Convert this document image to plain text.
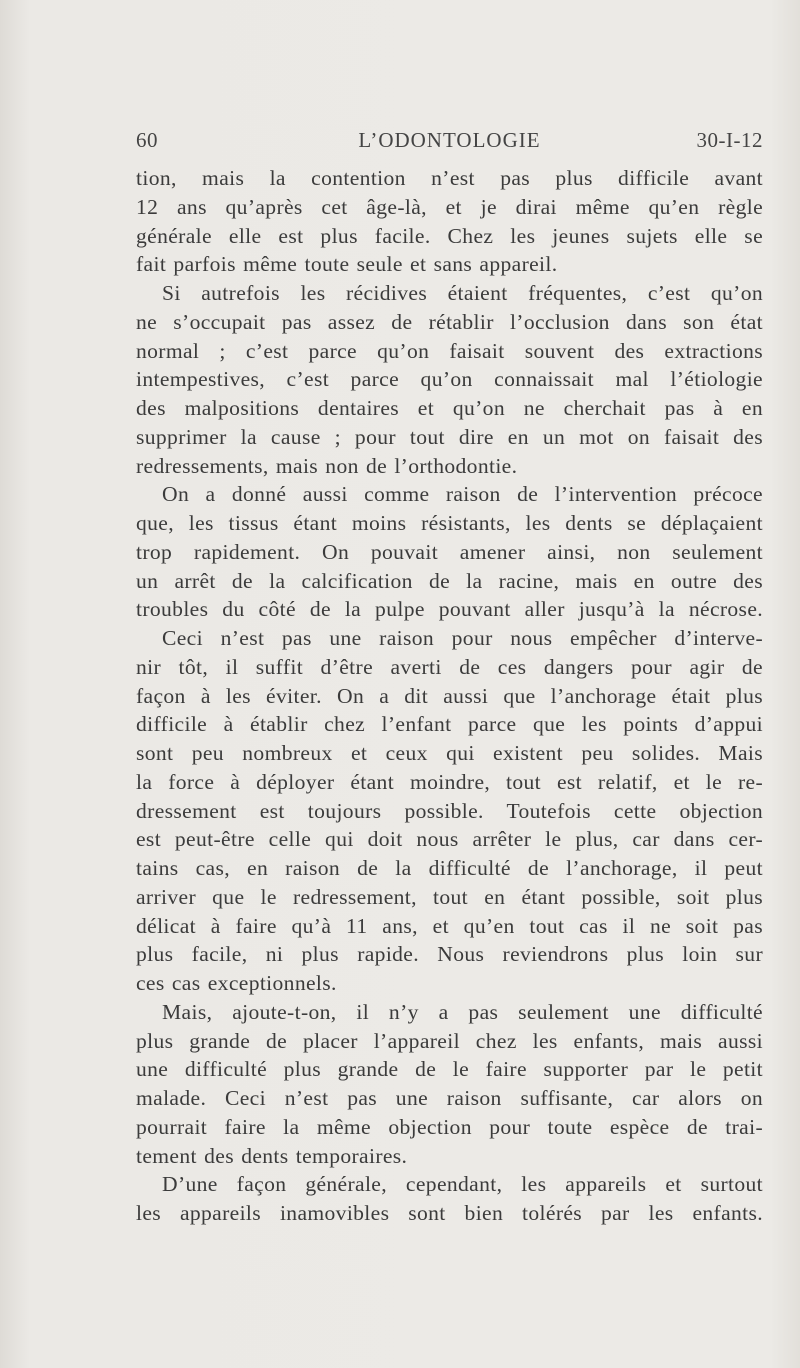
60	L’ODONTOLOGIE	30-I-12
tion, mais la contention n’est pas plus difficile avant
12 ans qu’après cet âge-là, et je dirai même qu’en règle
générale elle est plus facile. Chez les jeunes sujets elle se
fait parfois même toute seule et sans appareil.
Si autrefois les récidives étaient fréquentes, c’est qu’on
ne s’occupait pas assez de rétablir l’occlusion dans son état
normal ; c’est parce qu’on faisait souvent des extractions
intempestives, c’est parce qu’on connaissait mal l’étiologie
des malpositions dentaires et qu’on ne cherchait pas à en
supprimer la cause ; pour tout dire en un mot on faisait des
redressements, mais non de l’orthodontie.
On a donné aussi comme raison de l’intervention précoce
que, les tissus étant moins résistants, les dents se déplaçaient
trop rapidement. On pouvait amener ainsi, non seulement
un arrêt de la calcification de la racine, mais en outre des
troubles du côté de la pulpe pouvant aller jusqu’à la nécrose.
Ceci n’est pas une raison pour nous empêcher d’interve-
nir tôt, il suffit d’être averti de ces dangers pour agir de
façon à les éviter. On a dit aussi que l’anchorage était plus
difficile à établir chez l’enfant parce que les points d’appui
sont peu nombreux et ceux qui existent peu solides. Mais
la force à déployer étant moindre, tout est relatif, et le re-
dressement est toujours possible. Toutefois cette objection
est peut-être celle qui doit nous arrêter le plus, car dans cer-
tains cas, en raison de la difficulté de l’anchorage, il peut
arriver que le redressement, tout en étant possible, soit plus
délicat à faire qu’à 11 ans, et qu’en tout cas il ne soit pas
plus facile, ni plus rapide. Nous reviendrons plus loin sur
ces cas exceptionnels.
Mais, ajoute-t-on, il n’y a pas seulement une difficulté
plus grande de placer l’appareil chez les enfants, mais aussi
une difficulté plus grande de le faire supporter par le petit
malade. Ceci n’est pas une raison suffisante, car alors on
pourrait faire la même objection pour toute espèce de trai-
tement des dents temporaires.
D’une façon générale, cependant, les appareils et surtout
les appareils inamovibles sont bien tolérés par les enfants.
